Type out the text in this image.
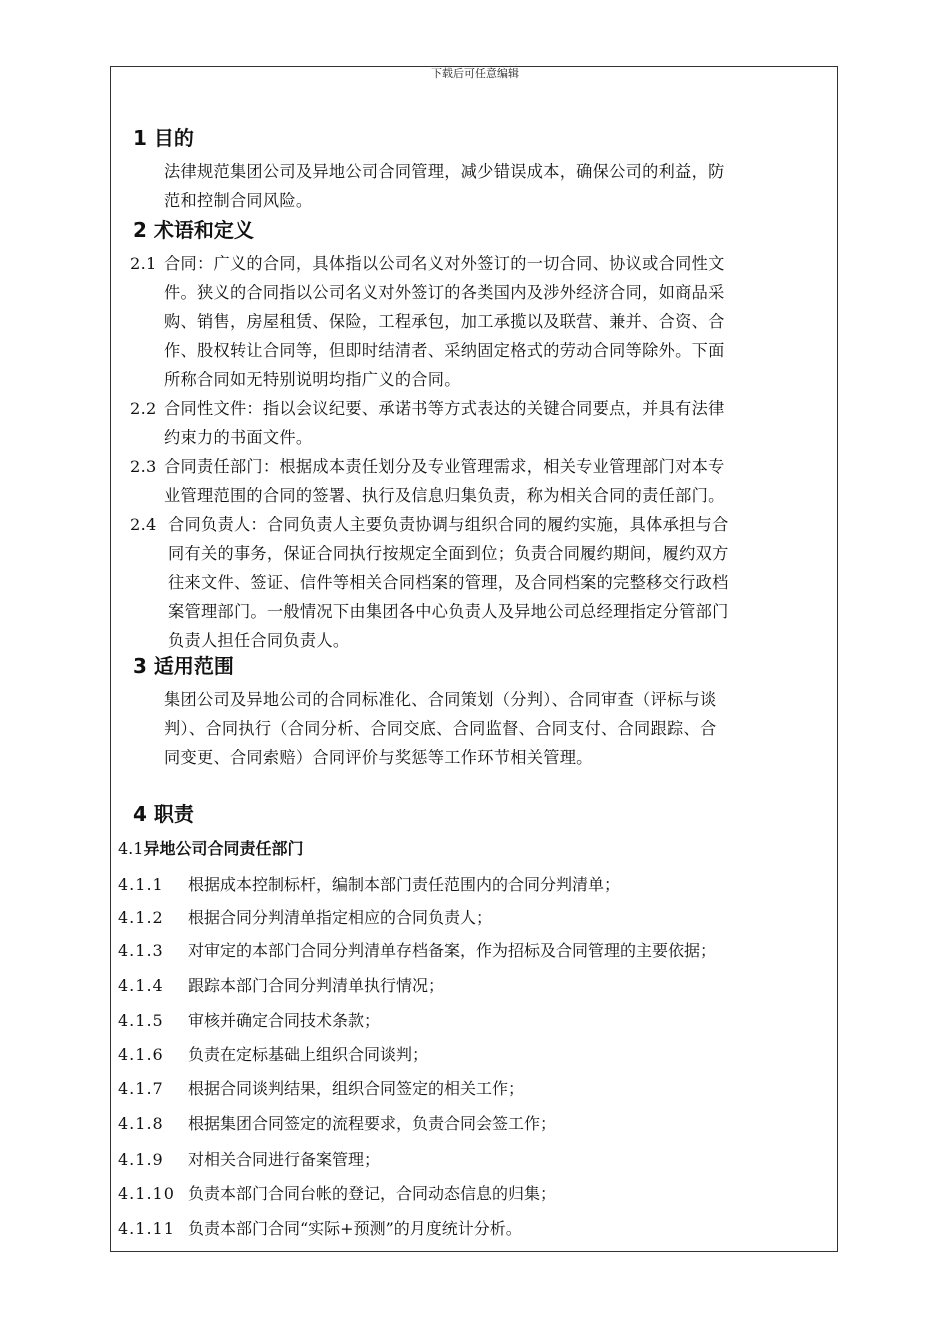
下载后可任意编辑
1 目的
法律规范集团公司及异地公司合同管理，减少错误成本，确保公司的利益，防
范和控制合同风险。
2 术语和定义
2.1 合同：广义的合同，具体指以公司名义对外签订的一切合同、协议或合同性文
件。狭义的合同指以公司名义对外签订的各类国内及涉外经济合同，如商品采
购、销售，房屋租赁、保险，工程承包，加工承揽以及联营、兼并、合资、合
作、股权转让合同等，但即时结清者、采纳固定格式的劳动合同等除外。下面
所称合同如无特别说明均指广义的合同。
2.2 合同性文件：指以会议纪要、承诺书等方式表达的关键合同要点，并具有法律
约束力的书面文件。
2.3 合同责任部门：根据成本责任划分及专业管理需求，相关专业管理部门对本专
业管理范围的合同的签署、执行及信息归集负责，称为相关合同的责任部门。
2.4 合同负责人：合同负责人主要负责协调与组织合同的履约实施，具体承担与合
同有关的事务，保证合同执行按规定全面到位；负责合同履约期间，履约双方
往来文件、签证、信件等相关合同档案的管理，及合同档案的完整移交行政档
案管理部门。一般情况下由集团各中心负责人及异地公司总经理指定分管部门
负责人担任合同负责人。
3 适用范围
集团公司及异地公司的合同标准化、合同策划（分判）、合同审查（评标与谈
判）、合同执行（合同分析、合同交底、合同监督、合同支付、合同跟踪、合
同变更、合同索赔）合同评价与奖惩等工作环节相关管理。
4 职责
4.1异地公司合同责任部门
4.1.1 根据成本控制标杆，编制本部门责任范围内的合同分判清单；
4.1.2 根据合同分判清单指定相应的合同负责人；
4.1.3 对审定的本部门合同分判清单存档备案，作为招标及合同管理的主要依据；
4.1.4 跟踪本部门合同分判清单执行情况；
4.1.5 审核并确定合同技术条款；
4.1.6 负责在定标基础上组织合同谈判；
4.1.7 根据合同谈判结果，组织合同签定的相关工作；
4.1.8 根据集团合同签定的流程要求，负责合同会签工作；
4.1.9 对相关合同进行备案管理；
4.1.10 负责本部门合同台帐的登记，合同动态信息的归集；
4.1.11 负责本部门合同“实际+预测”的月度统计分析。
